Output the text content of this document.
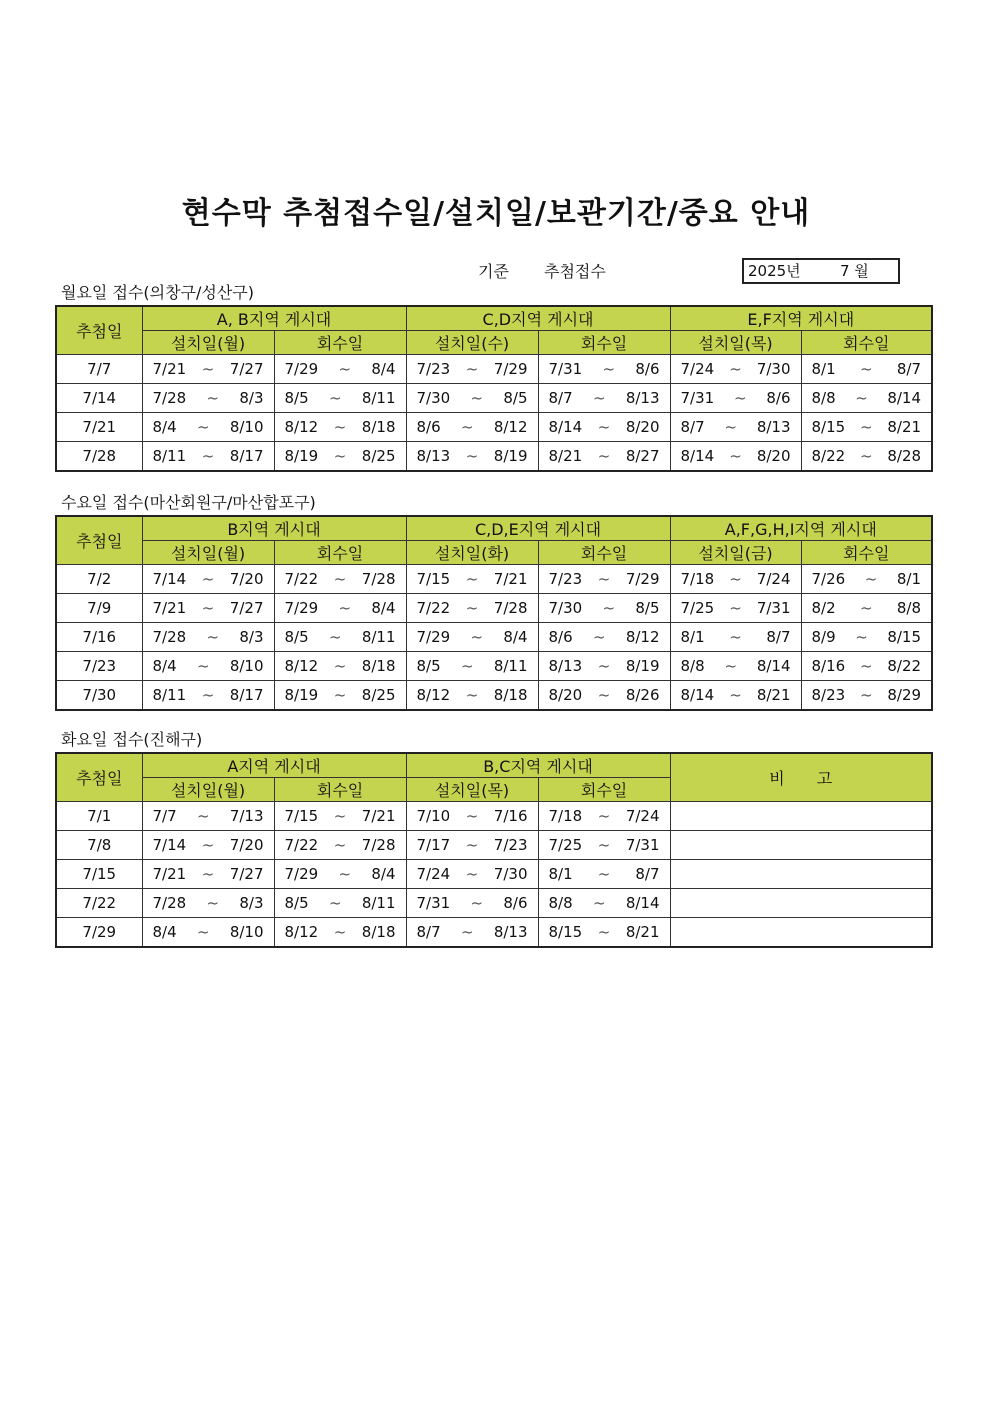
현수막 추첨접수일/설치일/보관기간/중요 안내
기준 추첨접수	2025년	7 월
월요일 접수(의창구/성산구)
추첨일	A, B지역 게시대		C,D지역 게시대		E,F지역 게시대	
	설치일(월)	회수일	설치일(수)	회수일	설치일(목)	회수일
7/7	7/21 ~ 7/27	7/29 ~ 8/4	7/23 ~ 7/29	7/31 ~ 8/6	7/24 ~ 7/30	8/1 ~ 8/7

7/14	7/28 ~ 8/3	8/5 ~ 8/11	7/30 ~ 8/5	8/7 ~ 8/13	7/31 ~ 8/6	8/8 ~ 8/14

7/21	8/4 ~ 8/10	8/12 ~ 8/18	8/6 ~ 8/12	8/14 ~ 8/20	8/7 ~ 8/13	8/15 ~ 8/21

7/28	8/11 ~ 8/17	8/19 ~ 8/25	8/13 ~ 8/19	8/21 ~ 8/27	8/14 ~ 8/20	8/22 ~ 8/28
수요일 접수(마산회원구/마산합포구)
추첨일	B지역 게시대		C,D,E지역 게시대		A,F,G,H,I지역 게시대	
	설치일(월)	회수일	설치일(화)	회수일	설치일(금)	회수일
7/2	7/14 ~ 7/20	7/22 ~ 7/28	7/15 ~ 7/21	7/23 ~ 7/29	7/18 ~ 7/24	7/26 ~ 8/1

7/9	7/21 ~ 7/27	7/29 ~ 8/4	7/22 ~ 7/28	7/30 ~ 8/5	7/25 ~ 7/31	8/2 ~ 8/8

7/16	7/28 ~ 8/3	8/5 ~ 8/11	7/29 ~ 8/4	8/6 ~ 8/12	8/1 ~ 8/7	8/9 ~ 8/15

7/23	8/4 ~ 8/10	8/12 ~ 8/18	8/5 ~ 8/11	8/13 ~ 8/19	8/8 ~ 8/14	8/16 ~ 8/22

7/30	8/11 ~ 8/17	8/19 ~ 8/25	8/12 ~ 8/18	8/20 ~ 8/26	8/14 ~ 8/21	8/23 ~ 8/29
화요일 접수(진해구)
추첨일	A지역 게시대		B,C지역 게시대		비　　고
	설치일(월)	회수일	설치일(목)	회수일	
7/1	7/7 ~ 7/13	7/15 ~ 7/21	7/10 ~ 7/16	7/18 ~ 7/24	

7/8	7/14 ~ 7/20	7/22 ~ 7/28	7/17 ~ 7/23	7/25 ~ 7/31	

7/15	7/21 ~ 7/27	7/29 ~ 8/4	7/24 ~ 7/30	8/1 ~ 8/7	

7/22	7/28 ~ 8/3	8/5 ~ 8/11	7/31 ~ 8/6	8/8 ~ 8/14	

7/29	8/4 ~ 8/10	8/12 ~ 8/18	8/7 ~ 8/13	8/15 ~ 8/21	
